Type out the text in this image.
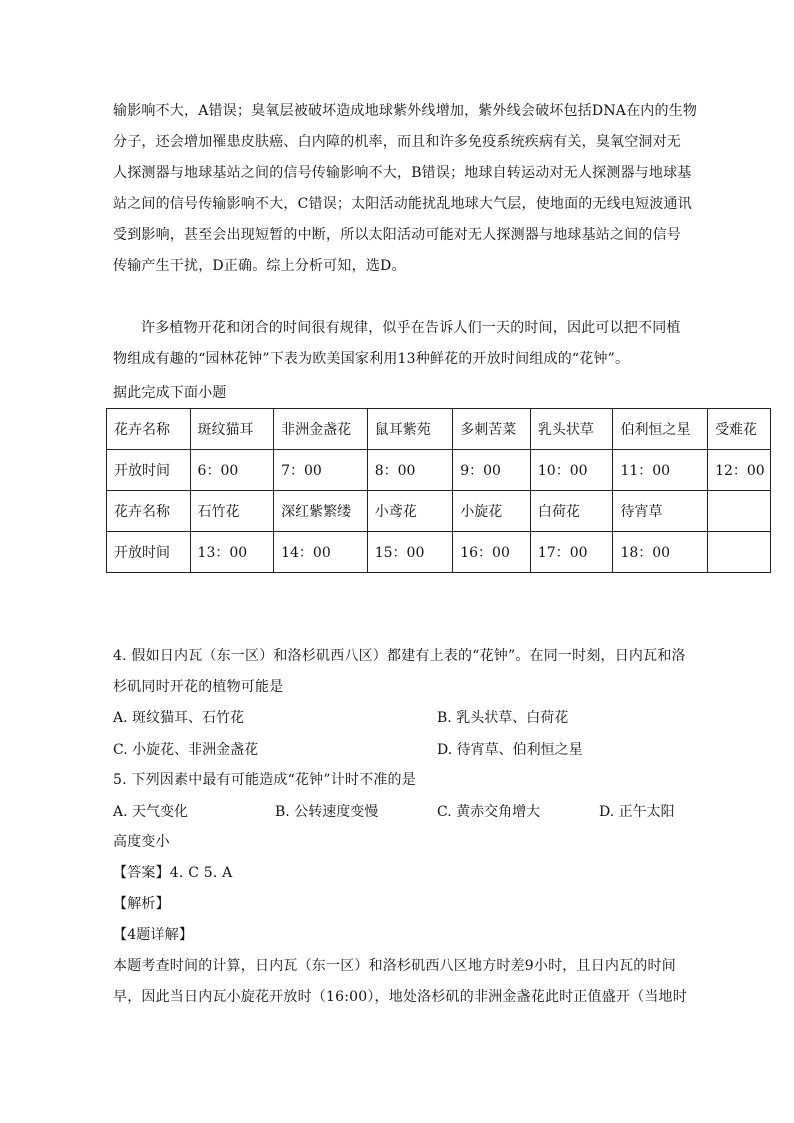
输影响不大，A错误；臭氧层被破坏造成地球紫外线增加，紫外线会破坏包括DNA在内的生物

分子，还会增加罹患皮肤癌、白内障的机率，而且和许多免疫系统疾病有关，臭氧空洞对无

人探测器与地球基站之间的信号传输影响不大，B错误；地球自转运动对无人探测器与地球基

站之间的信号传输影响不大，C错误；太阳活动能扰乱地球大气层，使地面的无线电短波通讯

受到影响，甚至会出现短暂的中断，所以太阳活动可能对无人探测器与地球基站之间的信号

传输产生干扰，D正确。综上分析可知，选D。

许多植物开花和闭合的时间很有规律，似乎在告诉人们一天的时间，因此可以把不同植

物组成有趣的“园林花钟”下表为欧美国家利用13种鲜花的开放时间组成的“花钟”。

据此完成下面小题

花卉名称	斑纹猫耳	非洲金盏花	鼠耳紫苑	多刺苦菜	乳头状草	伯利恒之星	受难花
开放时间	6：00	7：00	8：00	9：00	10：00	11：00	12：00
花卉名称	石竹花	深红紫繁缕	小鸢花	小旋花	白荷花	待宵草	
开放时间	13：00	14：00	15：00	16：00	17：00	18：00	

4. 假如日内瓦（东一区）和洛杉矶西八区）都建有上表的“花钟”。在同一时刻，日内瓦和洛

杉矶同时开花的植物可能是

A. 斑纹猫耳、石竹花	B. 乳头状草、白荷花
C. 小旋花、非洲金盏花	D. 待宵草、伯利恒之星

5. 下列因素中最有可能造成“花钟”计时不准的是

A. 天气变化	B. 公转速度变慢	C. 黄赤交角增大	D. 正午太阳

高度变小

【答案】4. C 5. A

【解析】

【4题详解】

本题考查时间的计算，日内瓦（东一区）和洛杉矶西八区地方时差9小时，且日内瓦的时间

早，因此当日内瓦小旋花开放时（16:00），地处洛杉矶的非洲金盏花此时正值盛开（当地时
